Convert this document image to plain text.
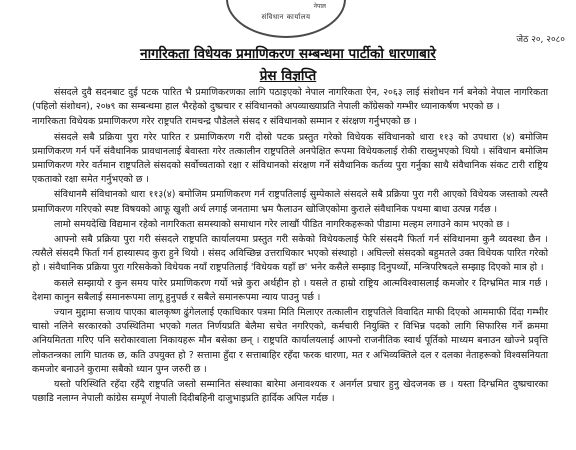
नेपाल
संविधान कार्यालय
जेठ २०, २०८०
नागरिकता विधेयक प्रमाणिकरण सम्बन्धमा पार्टीको धारणाबारे
प्रेस विज्ञप्ति

संसदले दुवै सदनबाट दुई पटक पारित भै प्रमाणिकरणका लागि पठाइएको नेपाल नागरिकता ऐन, २०६३ लाई संशोधन गर्न बनेको नेपाल नागरिकता (पहिलो संशोधन), २०७९ का सम्बन्धमा हाल भैरहेको दुष्प्रचार र संविधानको अपव्याख्याप्रति नेपाली काँग्रेसको गम्भीर ध्यानाकर्षण भएको छ ।

नागरिकता विधेयक प्रमाणिकरण गरेर राष्ट्रपति रामचन्द्र पौडेलले संसद र संविधानको सम्मान र संरक्षण गर्नुभएको छ ।

संसदले सबै प्रक्रिया पुरा गरेर पारित र प्रमाणिकरण गरी दोस्रो पटक प्रस्तुत गरेको विधेयक संविधानको धारा ११३ को उपधारा (४) बमोजिम प्रमाणिकरण गर्न पर्ने संवैधानिक प्रावधानलाई बेवास्ता गरेर तत्कालीन राष्ट्रपतिले अनपेक्षित रूपमा विधेयकलाई रोकी राख्नुभएको थियो । संविधान बमोजिम प्रमाणिकरण गरेर वर्तमान राष्ट्रपतिले संसदको सर्वोच्चताको रक्षा र संविधानको संरक्षण गर्ने संवैधानिक कर्तव्य पुरा गर्नुका साथै संवैधानिक संकट टारी राष्ट्रिय एकताको रक्षा समेत गर्नुभएको छ ।

संविधानमै संविधानको धारा ११३(४) बमोजिम प्रमाणिकरण गर्न राष्ट्रपतिलाई सुम्पेकाले संसदले सबै प्रक्रिया पुरा गरी आएको विधेयक जस्ताको त्यस्तै प्रमाणिकरण गरिएको स्पष्ट विषयको आफू खुशी अर्थ लगाई जनतामा भ्रम फैलाउन खोजिएकोमा कुराले संवैधानिक पथमा बाधा उत्पन्न गर्दछ ।

लामो समयदेखि विद्यमान रहेको नागरिकता समस्याको समाधान गरेर लाखौं पीडित नागरिकहरूको पीडामा मल्हम लगाउने काम भएको छ ।

आफ्नो सबै प्रक्रिया पुरा गरी संसदले राष्ट्रपति कार्यालयमा प्रस्तुत गरी सकेको विधेयकलाई फेरि संसदमै फिर्ता गर्न संविधानमा कुनै व्यवस्था छैन । त्यसैले संसदमै फिर्ता गर्न हास्यास्पद कुरा हुने थियो । संसद अविच्छिन्न उत्तराधिकार भएको संस्थाहो । अघिल्लो संसदको बहुमतले उक्त विधेयक पारित गरेको हो । संवैधानिक प्रक्रिया पुरा गरिसकेको विधेयक नयाँ राष्ट्रपतिलाई 'विधेयक यहाँ छ' भनेर कसैले सम्झाइ दिनुपर्थ्यो, मन्त्रिपरिषदले सम्झाइ दिएको मात्र हो ।

कसले सम्झायो र कुन समय पारेर प्रमाणिकरण गर्यो भन्ने कुरा अर्थहीन हो । यसले त हाम्रो राष्ट्रिय आत्मविश्वासलाई कमजोर र दिग्भ्रमित मात्र गर्छ । देशमा कानुन सबैलाई समानरूपमा लागू हुनुपर्छ र सबैले समानरूपमा न्याय पाउनु पर्छ ।

ज्यान मुद्दामा सजाय पाएका बालकृष्ण ढुंगेललाई एकाधिकार पत्रमा मिति मिलाएर तत्कालीन राष्ट्रपतिले विवादित माफी दिएको आममाफी दिंदा गम्भीर चासो नलिने सरकारको उपस्थितिमा भएको गलत निर्णयप्रति बेलैमा सचेत नगरिएको, कर्मचारी नियुक्ति र विभिन्न पदको लागि सिफारिस गर्ने क्रममा अनियमितता गरिए पनि सरोकारवाला निकायहरू मौन बसेका छन् । राष्ट्रपति कार्यालयलाई आफ्नो राजनीतिक स्वार्थ पूर्तिको माध्यम बनाउन खोज्ने प्रवृत्ति लोकतन्त्रका लागि घातक छ, कति उपयुक्त हो ? सत्तामा हुँदा र सत्ताबाहिर रहँदा फरक धारणा, मत र अभिव्यक्तिले दल र दलका नेताहरूको विश्वसनियता कमजोर बनाउने कुरामा सबैको ध्यान पुग्न जरुरी छ ।

यस्तो परिस्थिति रहँदा रहँदै राष्ट्रपति जस्तो सम्मानित संस्थाका बारेमा अनावश्यक र अनर्गल प्रचार हुनु खेदजनक छ । यस्ता दिग्भ्रमित दुष्प्रचारका पछाडि नलाग्न नेपाली कांग्रेस सम्पूर्ण नेपाली दिदीबहिनी दाजुभाइप्रति हार्दिक अपिल गर्दछ ।
